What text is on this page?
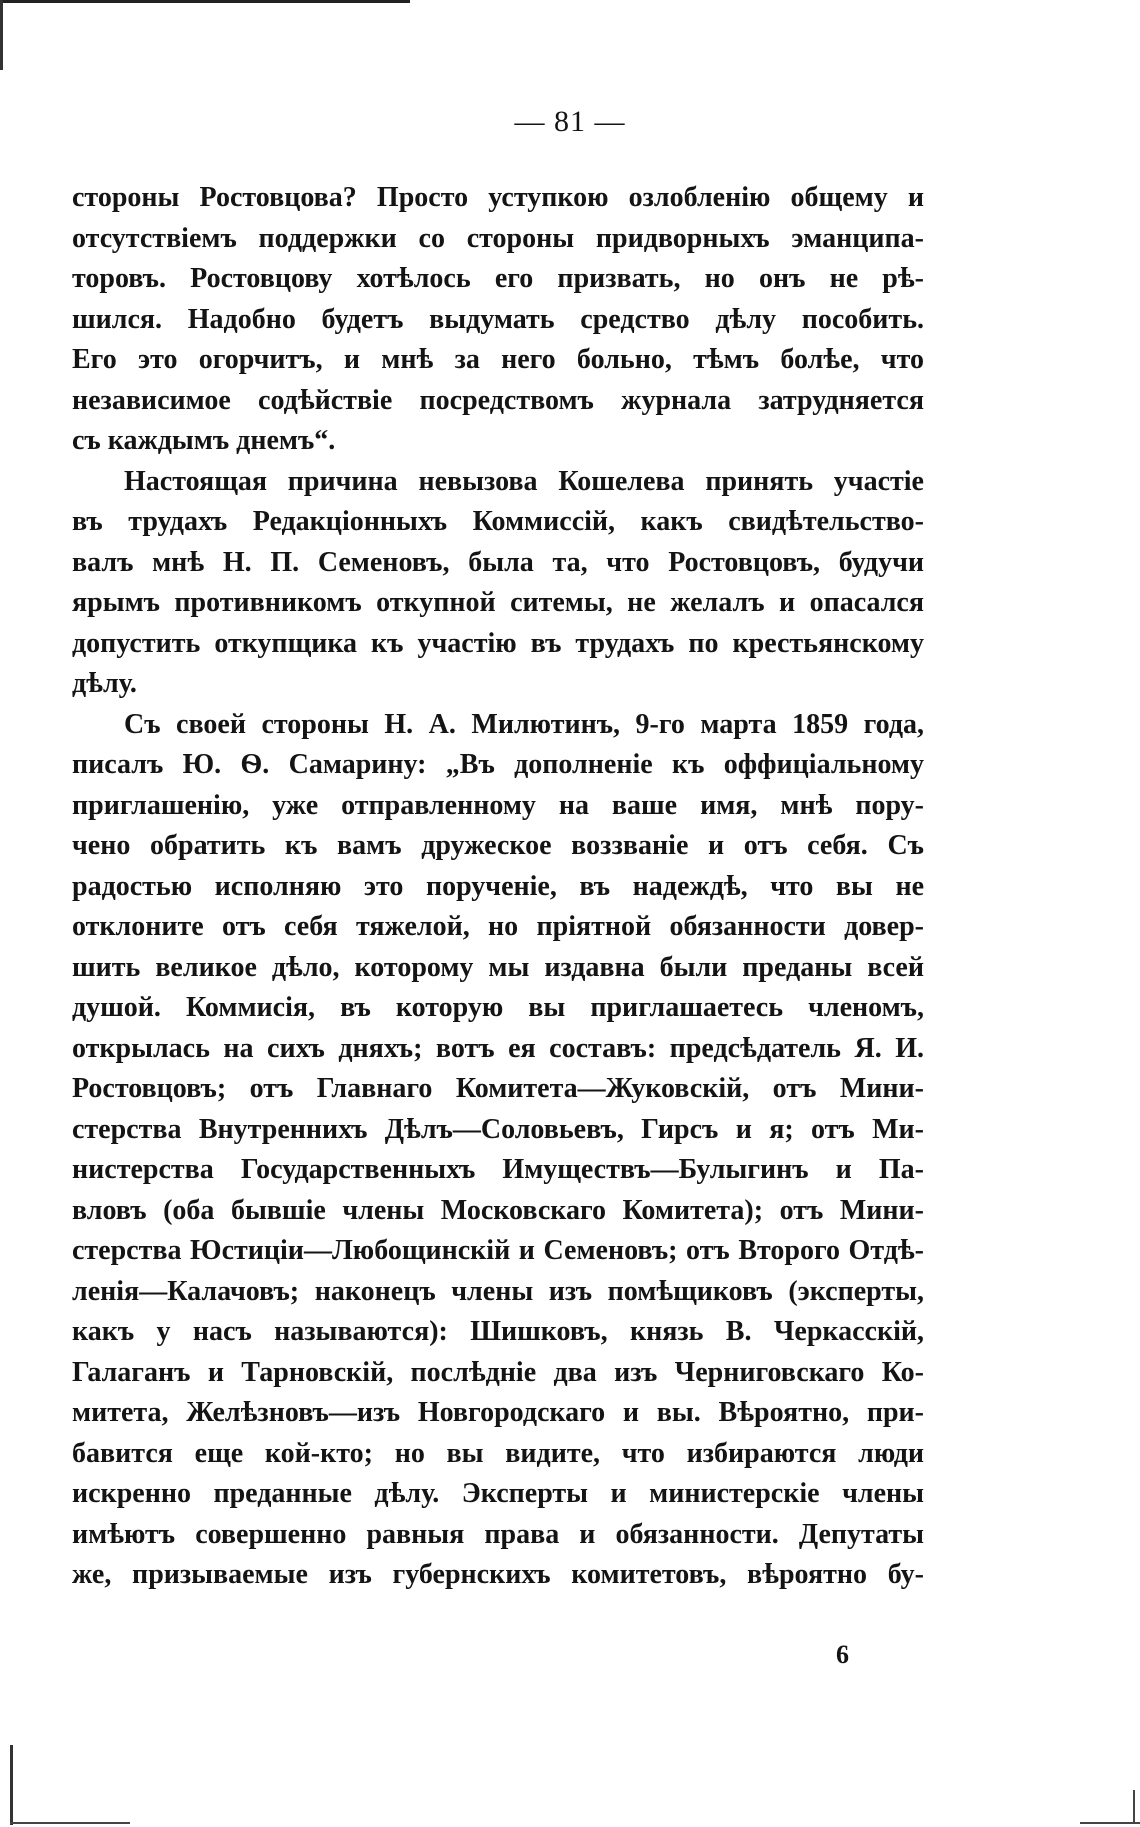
— 81 —
стороны Ростовцова? Просто уступкою озлобленію общему и
отсутствіемъ поддержки со стороны придворныхъ эманципа-
торовъ. Ростовцову хотѣлось его призвать, но онъ не рѣ-
шился. Надобно будетъ выдумать средство дѣлу пособить.
Его это огорчитъ, и мнѣ за него больно, тѣмъ болѣе, что
независимое содѣйствіе посредствомъ журнала затрудняется
съ каждымъ днемъ“.
Настоящая причина невызова Кошелева принять участіе
въ трудахъ Редакціонныхъ Коммиссій, какъ свидѣтельство-
валъ мнѣ Н. П. Семеновъ, была та, что Ростовцовъ, будучи
ярымъ противникомъ откупной ситемы, не желалъ и опасался
допустить откупщика къ участію въ трудахъ по крестьянскому
дѣлу.
Съ своей стороны Н. А. Милютинъ, 9-го марта 1859 года,
писалъ Ю. Ѳ. Самарину: „Въ дополненіе къ оффиціальному
приглашенію, уже отправленному на ваше имя, мнѣ пору-
чено обратить къ вамъ дружеское воззваніе и отъ себя. Съ
радостью исполняю это порученіе, въ надеждѣ, что вы не
отклоните отъ себя тяжелой, но пріятной обязанности довер-
шить великое дѣло, которому мы издавна были преданы всей
душой. Коммисія, въ которую вы приглашаетесь членомъ,
открылась на сихъ дняхъ; вотъ ея составъ: предсѣдатель Я. И.
Ростовцовъ; отъ Главнаго Комитета—Жуковскій, отъ Мини-
стерства Внутреннихъ Дѣлъ—Соловьевъ, Гирсъ и я; отъ Ми-
нистерства Государственныхъ Имуществъ—Булыгинъ и Па-
вловъ (оба бывшіе члены Московскаго Комитета); отъ Мини-
стерства Юстиціи—Любощинскій и Семеновъ; отъ Второго Отдѣ-
ленія—Калачовъ; наконецъ члены изъ помѣщиковъ (эксперты,
какъ у насъ называются): Шишковъ, князь В. Черкасскій,
Галаганъ и Тарновскій, послѣдніе два изъ Черниговскаго Ко-
митета, Желѣзновъ—изъ Новгородскаго и вы. Вѣроятно, при-
бавится еще кой-кто; но вы видите, что избираются люди
искренно преданные дѣлу. Эксперты и министерскіе члены
имѣютъ совершенно равныя права и обязанности. Депутаты
же, призываемые изъ губернскихъ комитетовъ, вѣроятно бу-
6
